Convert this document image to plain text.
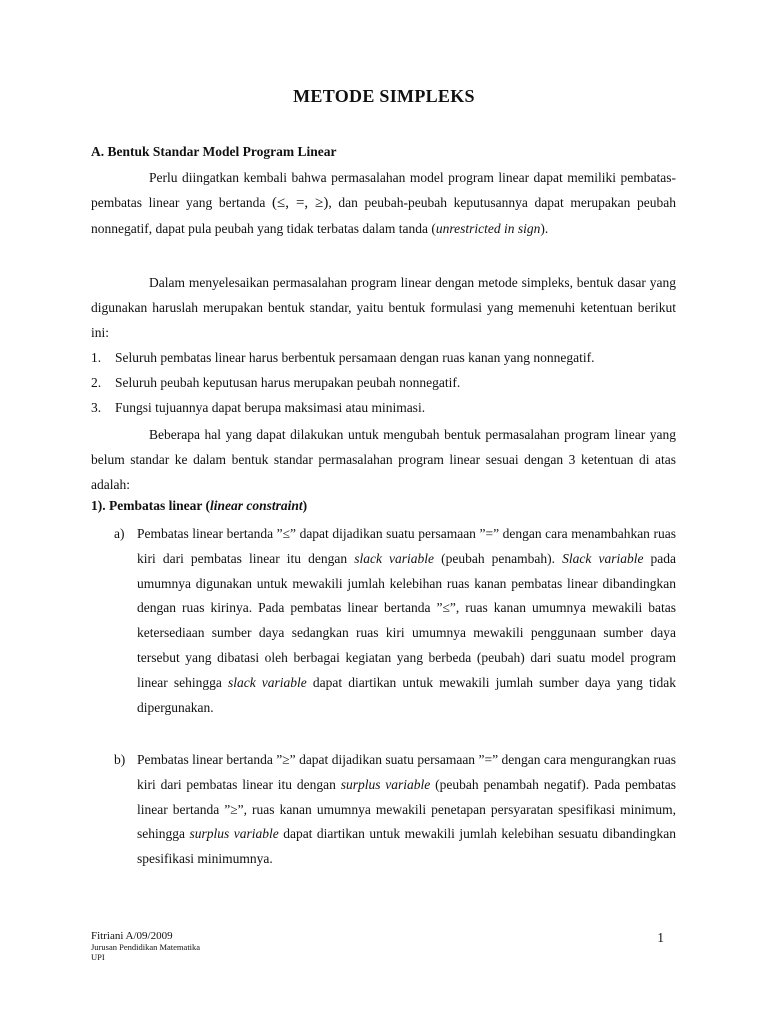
METODE SIMPLEKS
A. Bentuk Standar Model Program Linear
Perlu diingatkan kembali bahwa permasalahan model program linear dapat memiliki pembatas-pembatas linear yang bertanda (≤, =, ≥), dan peubah-peubah keputusannya dapat merupakan peubah nonnegatif, dapat pula peubah yang tidak terbatas dalam tanda (unrestricted in sign).
Dalam menyelesaikan permasalahan program linear dengan metode simpleks, bentuk dasar yang digunakan haruslah merupakan bentuk standar, yaitu bentuk formulasi yang memenuhi ketentuan berikut ini:
1. Seluruh pembatas linear harus berbentuk persamaan dengan ruas kanan yang nonnegatif.
2. Seluruh peubah keputusan harus merupakan peubah nonnegatif.
3. Fungsi tujuannya dapat berupa maksimasi atau minimasi.
Beberapa hal yang dapat dilakukan untuk mengubah bentuk permasalahan program linear yang belum standar ke dalam bentuk standar permasalahan program linear sesuai dengan 3 ketentuan di atas adalah:
1). Pembatas linear (linear constraint)
a) Pembatas linear bertanda ”≤” dapat dijadikan suatu persamaan ”=” dengan cara menambahkan ruas kiri dari pembatas linear itu dengan slack variable (peubah penambah). Slack variable pada umumnya digunakan untuk mewakili jumlah kelebihan ruas kanan pembatas linear dibandingkan dengan ruas kirinya. Pada pembatas linear bertanda ”≤”, ruas kanan umumnya mewakili batas ketersediaan sumber daya sedangkan ruas kiri umumnya mewakili penggunaan sumber daya tersebut yang dibatasi oleh berbagai kegiatan yang berbeda (peubah) dari suatu model program linear sehingga slack variable dapat diartikan untuk mewakili jumlah sumber daya yang tidak dipergunakan.
b) Pembatas linear bertanda ”≥” dapat dijadikan suatu persamaan ”=” dengan cara mengurangkan ruas kiri dari pembatas linear itu dengan surplus variable (peubah penambah negatif). Pada pembatas linear bertanda ”≥”, ruas kanan umumnya mewakili penetapan persyaratan spesifikasi minimum, sehingga surplus variable dapat diartikan untuk mewakili jumlah kelebihan sesuatu dibandingkan spesifikasi minimumnya.
Fitriani A/09/2009
Jurusan Pendidikan Matematika
UPI
1
